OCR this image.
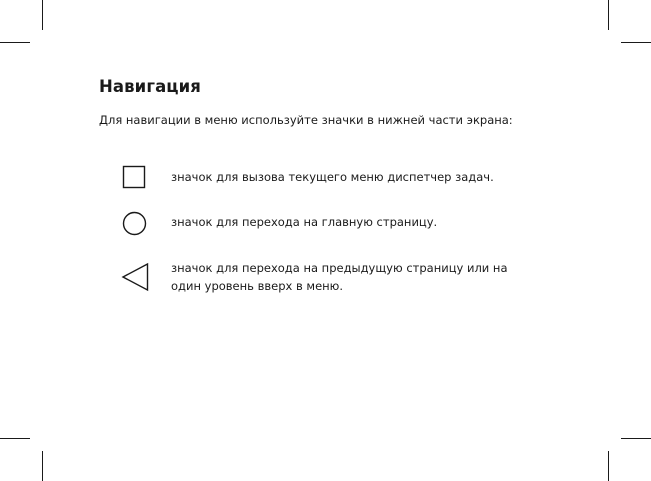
Навигация
Для навигации в меню используйте значки в нижней части экрана:
значок для вызова текущего меню диспетчер задач.
значок для перехода на главную страницу.
значок для перехода на предыдущую страницу или на
один уровень вверх в меню.
